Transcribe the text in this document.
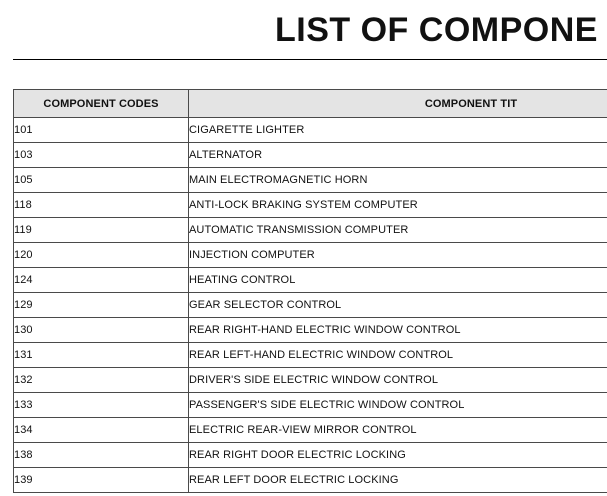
LIST OF COMPONE
COMPONENT CODES	COMPONENT TIT
101	CIGARETTE LIGHTER
103	ALTERNATOR
105	MAIN ELECTROMAGNETIC HORN
118	ANTI-LOCK BRAKING SYSTEM COMPUTER
119	AUTOMATIC TRANSMISSION COMPUTER
120	INJECTION COMPUTER
124	HEATING CONTROL
129	GEAR SELECTOR CONTROL
130	REAR RIGHT-HAND ELECTRIC WINDOW CONTROL
131	REAR LEFT-HAND ELECTRIC WINDOW CONTROL
132	DRIVER'S SIDE ELECTRIC WINDOW CONTROL
133	PASSENGER'S SIDE ELECTRIC WINDOW CONTROL
134	ELECTRIC REAR-VIEW MIRROR CONTROL
138	REAR RIGHT DOOR ELECTRIC LOCKING
139	REAR LEFT DOOR ELECTRIC LOCKING
